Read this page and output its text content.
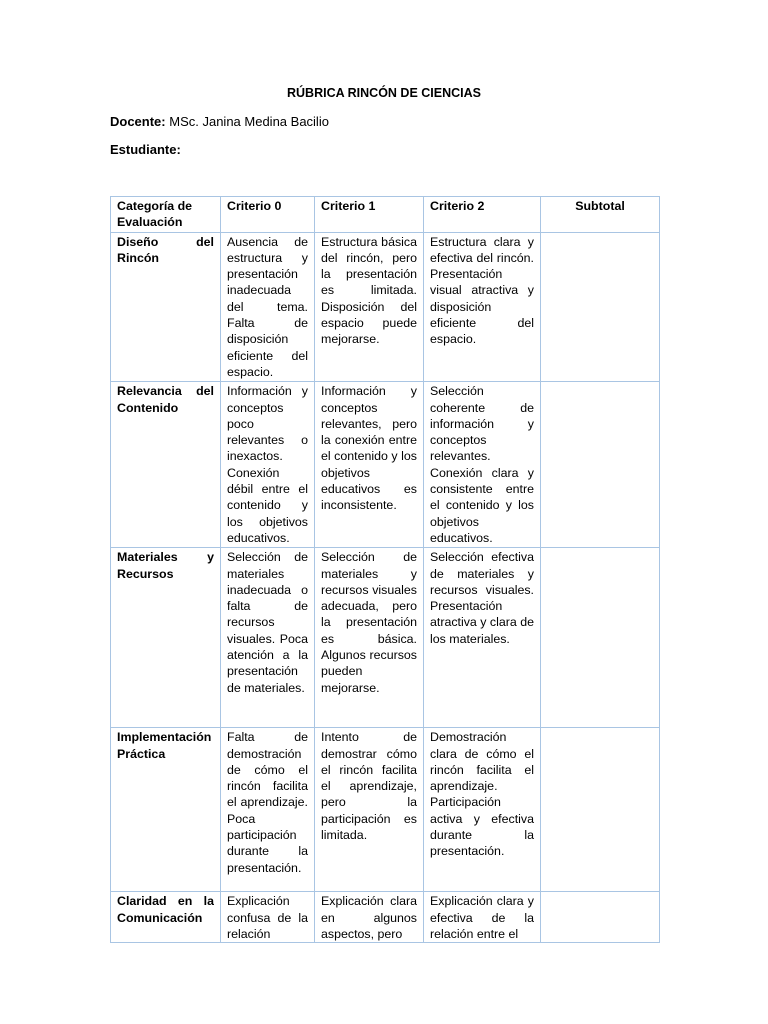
RÚBRICA RINCÓN DE CIENCIAS
Docente: MSc. Janina Medina Bacilio
Estudiante:
Categoría de Evaluación	Criterio 0	Criterio 1	Criterio 2	Subtotal
Diseño del Rincón	Ausencia de estructura y presentación inadecuada del tema. Falta de disposición eficiente del espacio.	Estructura básica del rincón, pero la presentación es limitada. Disposición del espacio puede mejorarse.	Estructura clara y efectiva del rincón. Presentación visual atractiva y disposición eficiente del espacio.	
Relevancia del Contenido	Información y conceptos poco relevantes o inexactos. Conexión débil entre el contenido y los objetivos educativos.	Información y conceptos relevantes, pero la conexión entre el contenido y los objetivos educativos es inconsistente.	Selección coherente de información y conceptos relevantes. Conexión clara y consistente entre el contenido y los objetivos educativos.	
Materiales y Recursos	Selección de materiales inadecuada o falta de recursos visuales. Poca atención a la presentación de materiales.	Selección de materiales y recursos visuales adecuada, pero la presentación es básica. Algunos recursos pueden mejorarse.	Selección efectiva de materiales y recursos visuales. Presentación atractiva y clara de los materiales.	
Implementación Práctica	Falta de demostración de cómo el rincón facilita el aprendizaje. Poca participación durante la presentación.	Intento de demostrar cómo el rincón facilita el aprendizaje, pero la participación es limitada.	Demostración clara de cómo el rincón facilita el aprendizaje. Participación activa y efectiva durante la presentación.	

Claridad en la Comunicación	Explicación confusa de la relación	Explicación clara en algunos aspectos, pero	Explicación clara y efectiva de la relación entre el	
